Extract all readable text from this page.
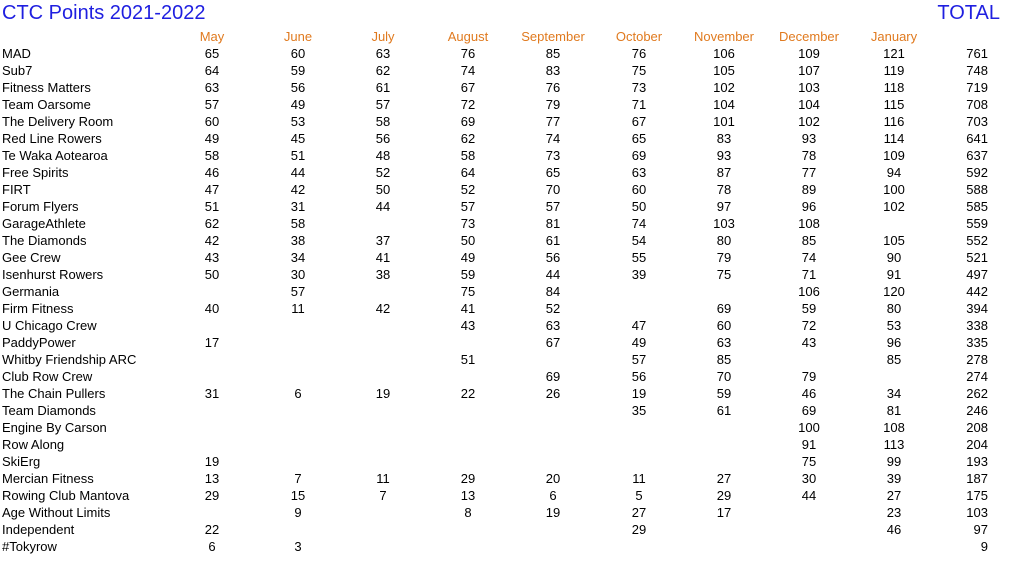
CTC Points 2021-2022	TOTAL
	May	June	July	August	September	October	November	December	January	
MAD	65	60	63	76	85	76	106	109	121	761
Sub7	64	59	62	74	83	75	105	107	119	748
Fitness Matters	63	56	61	67	76	73	102	103	118	719
Team Oarsome	57	49	57	72	79	71	104	104	115	708
The Delivery Room	60	53	58	69	77	67	101	102	116	703
Red Line Rowers	49	45	56	62	74	65	83	93	114	641
Te Waka Aotearoa	58	51	48	58	73	69	93	78	109	637
Free Spirits	46	44	52	64	65	63	87	77	94	592
FIRT	47	42	50	52	70	60	78	89	100	588
Forum Flyers	51	31	44	57	57	50	97	96	102	585
GarageAthlete	62	58		73	81	74	103	108		559
The Diamonds	42	38	37	50	61	54	80	85	105	552
Gee Crew	43	34	41	49	56	55	79	74	90	521
Isenhurst Rowers	50	30	38	59	44	39	75	71	91	497
Germania		57		75	84			106	120	442
Firm Fitness	40	11	42	41	52		69	59	80	394
U Chicago Crew				43	63	47	60	72	53	338
PaddyPower	17				67	49	63	43	96	335
Whitby Friendship ARC				51		57	85		85	278
Club Row Crew					69	56	70	79		274
The Chain Pullers	31	6	19	22	26	19	59	46	34	262
Team Diamonds						35	61	69	81	246
Engine By Carson								100	108	208
Row Along								91	113	204
SkiErg	19							75	99	193
Mercian Fitness	13	7	11	29	20	11	27	30	39	187
Rowing Club Mantova	29	15	7	13	6	5	29	44	27	175
Age Without Limits		9		8	19	27	17		23	103
Independent	22					29			46	97
#Tokyrow	6	3								9
